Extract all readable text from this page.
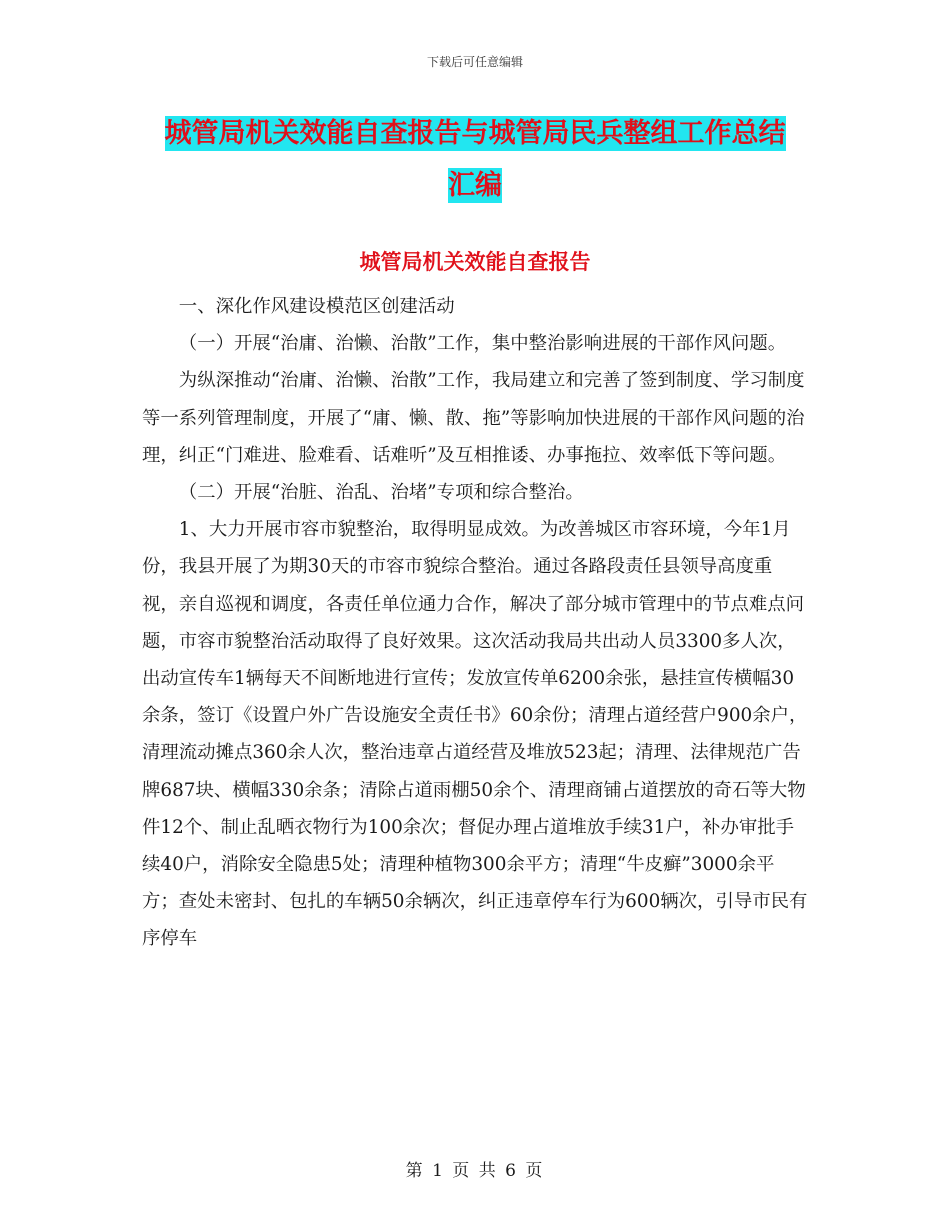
下载后可任意编辑
城管局机关效能自查报告与城管局民兵整组工作总结
汇编
城管局机关效能自查报告

一、深化作风建设模范区创建活动

（一）开展“治庸、治懒、治散”工作，集中整治影响进展的干部作风问题。

为纵深推动“治庸、治懒、治散”工作，我局建立和完善了签到制度、学习制度等一系列管理制度，开展了“庸、懒、散、拖”等影响加快进展的干部作风问题的治理，纠正“门难进、脸难看、话难听”及互相推诿、办事拖拉、效率低下等问题。

（二）开展“治脏、治乱、治堵”专项和综合整治。

1、大力开展市容市貌整治，取得明显成效。为改善城区市容环境，今年1月份，我县开展了为期30天的市容市貌综合整治。通过各路段责任县领导高度重视，亲自巡视和调度，各责任单位通力合作，解决了部分城市管理中的节点难点问题，市容市貌整治活动取得了良好效果。这次活动我局共出动人员3300多人次，出动宣传车1辆每天不间断地进行宣传；发放宣传单6200余张，悬挂宣传横幅30余条，签订《设置户外广告设施安全责任书》60余份；清理占道经营户900余户，清理流动摊点360余人次，整治违章占道经营及堆放523起；清理、法律规范广告牌687块、横幅330余条；清除占道雨棚50余个、清理商铺占道摆放的奇石等大物件12个、制止乱晒衣物行为100余次；督促办理占道堆放手续31户，补办审批手续40户，消除安全隐患5处；清理种植物300余平方；清理“牛皮癣”3000余平方；查处未密封、包扎的车辆50余辆次，纠正违章停车行为600辆次，引导市民有序停车

第 1 页 共 6 页
